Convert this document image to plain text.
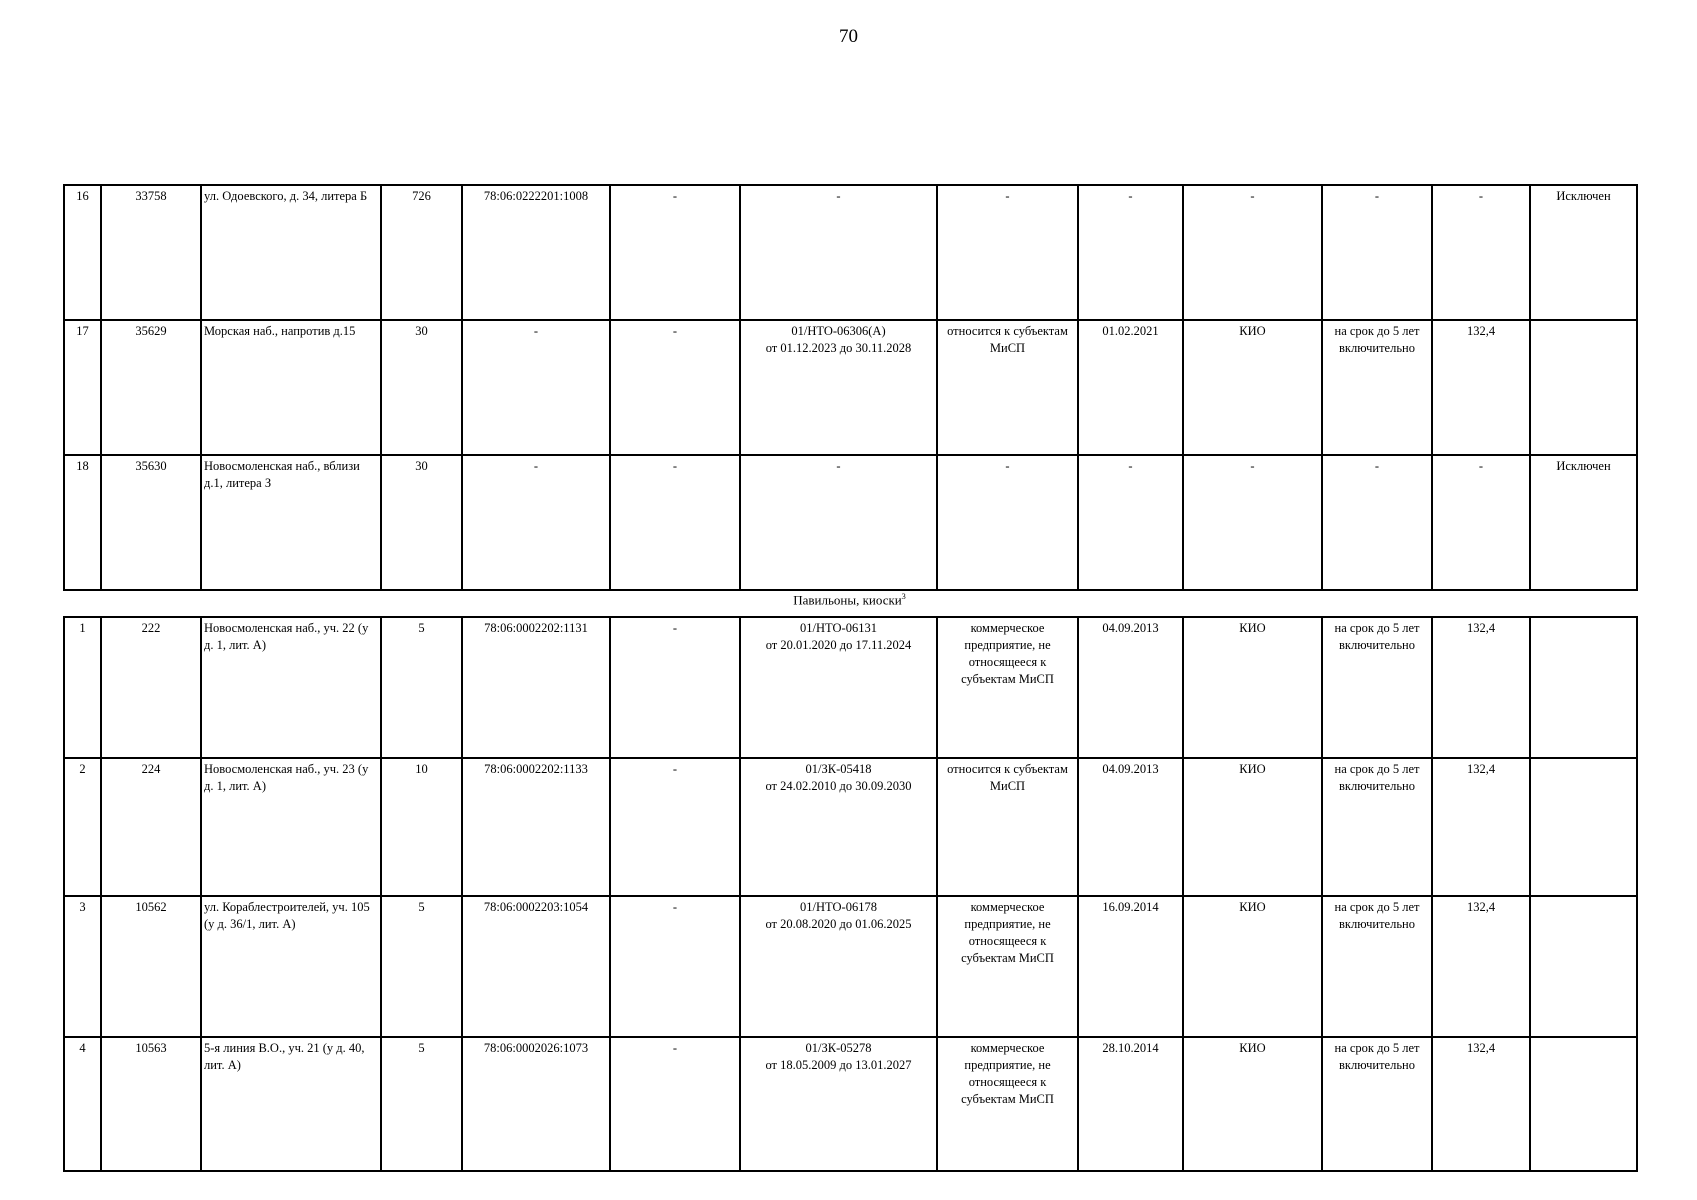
70
16	33758	ул. Одоевского, д. 34, литера Б	726	78:06:0222201:1008	-	-	-	-	-	-	-	Исключен
17	35629	Морская наб., напротив д.15	30	-	-	01/НТО-06306(А)
от 01.12.2023 до 30.11.2028	относится к субъектам МиСП	01.02.2021	КИО	на срок до 5 лет включительно	132,4	
18	35630	Новосмоленская наб., вблизи д.1, литера З	30	-	-	-	-	-	-	-	-	Исключен
Павильоны, киоски$^3$
1	222	Новосмоленская наб., уч. 22 (у д. 1, лит. А)	5	78:06:0002202:1131	-	01/НТО-06131
от 20.01.2020 до 17.11.2024	коммерческое предприятие, не относящееся к субъектам МиСП	04.09.2013	КИО	на срок до 5 лет включительно	132,4	
2	224	Новосмоленская наб., уч. 23 (у д. 1, лит. А)	10	78:06:0002202:1133	-	01/ЗК-05418
от 24.02.2010 до 30.09.2030	относится к субъектам МиСП	04.09.2013	КИО	на срок до 5 лет включительно	132,4	
3	10562	ул. Кораблестроителей, уч. 105 (у д. 36/1, лит. А)	5	78:06:0002203:1054	-	01/НТО-06178
от 20.08.2020 до 01.06.2025	коммерческое предприятие, не относящееся к субъектам МиСП	16.09.2014	КИО	на срок до 5 лет включительно	132,4	
4	10563	5-я линия В.О., уч. 21 (у д. 40, лит. А)	5	78:06:0002026:1073	-	01/ЗК-05278
от 18.05.2009 до 13.01.2027	коммерческое предприятие, не относящееся к субъектам МиСП	28.10.2014	КИО	на срок до 5 лет включительно	132,4	
